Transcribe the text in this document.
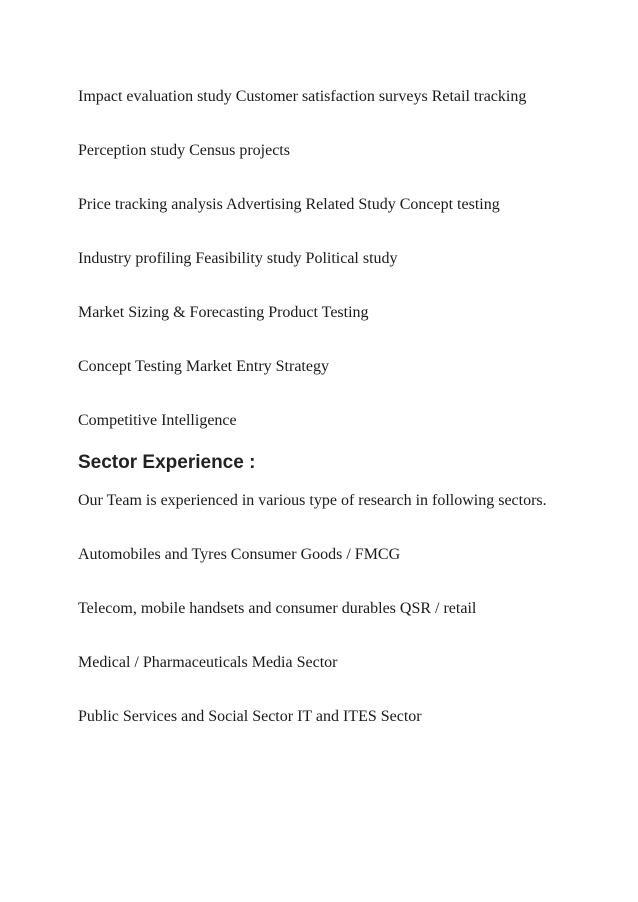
Impact evaluation study Customer satisfaction surveys Retail tracking

Perception study Census projects

Price tracking analysis Advertising Related Study Concept testing

Industry profiling Feasibility study Political study

Market Sizing & Forecasting Product Testing

Concept Testing Market Entry Strategy

Competitive Intelligence

Sector Experience :

Our Team is experienced in various type of research in following sectors.

Automobiles and Tyres Consumer Goods / FMCG

Telecom, mobile handsets and consumer durables QSR / retail

Medical / Pharmaceuticals Media Sector

Public Services and Social Sector IT and ITES Sector
